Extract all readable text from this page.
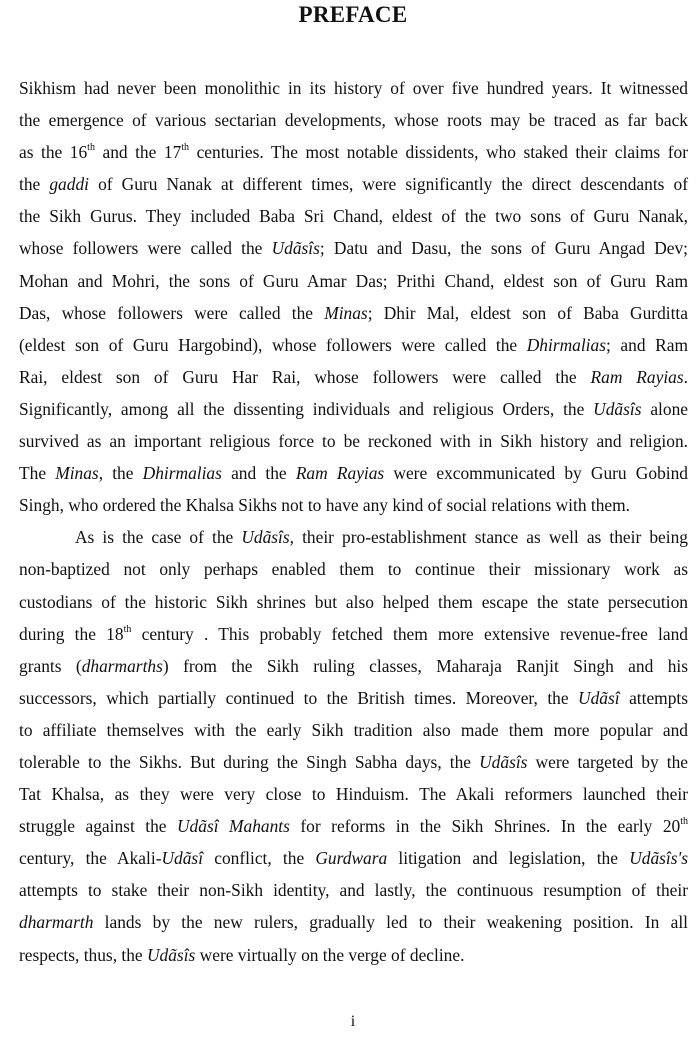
PREFACE
Sikhism had never been monolithic in its history of over five hundred years. It witnessed
the emergence of various sectarian developments, whose roots may be traced as far back
as the 16th and the 17th centuries. The most notable dissidents, who staked their claims for
the gaddi of Guru Nanak at different times, were significantly the direct descendants of
the Sikh Gurus. They included Baba Sri Chand, eldest of the two sons of Guru Nanak,
whose followers were called the Udãsîs; Datu and Dasu, the sons of Guru Angad Dev;
Mohan and Mohri, the sons of Guru Amar Das; Prithi Chand, eldest son of Guru Ram
Das, whose followers were called the Minas; Dhir Mal, eldest son of Baba Gurditta
(eldest son of Guru Hargobind), whose followers were called the Dhirmalias; and Ram
Rai, eldest son of Guru Har Rai, whose followers were called the Ram Rayias.
Significantly, among all the dissenting individuals and religious Orders, the Udãsîs alone
survived as an important religious force to be reckoned with in Sikh history and religion.
The Minas, the Dhirmalias and the Ram Rayias were excommunicated by Guru Gobind
Singh, who ordered the Khalsa Sikhs not to have any kind of social relations with them.
As is the case of the Udãsîs, their pro-establishment stance as well as their being
non-baptized not only perhaps enabled them to continue their missionary work as
custodians of the historic Sikh shrines but also helped them escape the state persecution
during the 18th century . This probably fetched them more extensive revenue-free land
grants (dharmarths) from the Sikh ruling classes, Maharaja Ranjit Singh and his
successors, which partially continued to the British times. Moreover, the Udãsî attempts
to affiliate themselves with the early Sikh tradition also made them more popular and
tolerable to the Sikhs. But during the Singh Sabha days, the Udãsîs were targeted by the
Tat Khalsa, as they were very close to Hinduism. The Akali reformers launched their
struggle against the Udãsî Mahants for reforms in the Sikh Shrines. In the early 20th
century, the Akali-Udãsî conflict, the Gurdwara litigation and legislation, the Udãsîs's
attempts to stake their non-Sikh identity, and lastly, the continuous resumption of their
dharmarth lands by the new rulers, gradually led to their weakening position. In all
respects, thus, the Udãsîs were virtually on the verge of decline.
i
